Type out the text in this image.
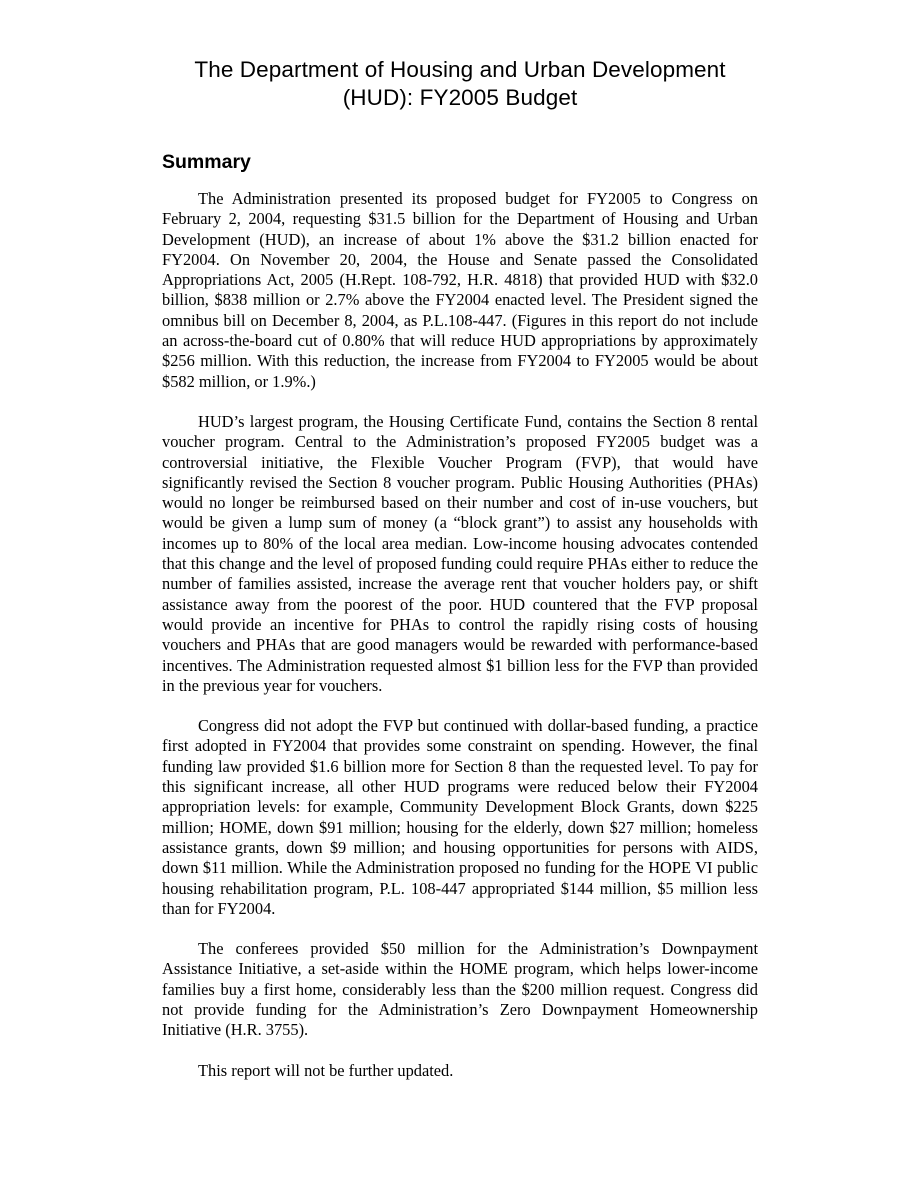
The Department of Housing and Urban Development
(HUD): FY2005 Budget
Summary

The Administration presented its proposed budget for FY2005 to Congress on February 2, 2004, requesting $31.5 billion for the Department of Housing and Urban Development (HUD), an increase of about 1% above the $31.2 billion enacted for FY2004. On November 20, 2004, the House and Senate passed the Consolidated Appropriations Act, 2005 (H.Rept. 108-792, H.R. 4818) that provided HUD with $32.0 billion, $838 million or 2.7% above the FY2004 enacted level. The President signed the omnibus bill on December 8, 2004, as P.L.108-447. (Figures in this report do not include an across-the-board cut of 0.80% that will reduce HUD appropriations by approximately $256 million. With this reduction, the increase from FY2004 to FY2005 would be about $582 million, or 1.9%.)

HUD’s largest program, the Housing Certificate Fund, contains the Section 8 rental voucher program. Central to the Administration’s proposed FY2005 budget was a controversial initiative, the Flexible Voucher Program (FVP), that would have significantly revised the Section 8 voucher program. Public Housing Authorities (PHAs) would no longer be reimbursed based on their number and cost of in-use vouchers, but would be given a lump sum of money (a “block grant”) to assist any households with incomes up to 80% of the local area median. Low-income housing advocates contended that this change and the level of proposed funding could require PHAs either to reduce the number of families assisted, increase the average rent that voucher holders pay, or shift assistance away from the poorest of the poor. HUD countered that the FVP proposal would provide an incentive for PHAs to control the rapidly rising costs of housing vouchers and PHAs that are good managers would be rewarded with performance-based incentives. The Administration requested almost $1 billion less for the FVP than provided in the previous year for vouchers.

Congress did not adopt the FVP but continued with dollar-based funding, a practice first adopted in FY2004 that provides some constraint on spending. However, the final funding law provided $1.6 billion more for Section 8 than the requested level. To pay for this significant increase, all other HUD programs were reduced below their FY2004 appropriation levels: for example, Community Development Block Grants, down $225 million; HOME, down $91 million; housing for the elderly, down $27 million; homeless assistance grants, down $9 million; and housing opportunities for persons with AIDS, down $11 million. While the Administration proposed no funding for the HOPE VI public housing rehabilitation program, P.L. 108-447 appropriated $144 million, $5 million less than for FY2004.

The conferees provided $50 million for the Administration’s Downpayment Assistance Initiative, a set-aside within the HOME program, which helps lower-income families buy a first home, considerably less than the $200 million request. Congress did not provide funding for the Administration’s Zero Downpayment Homeownership Initiative (H.R. 3755).

This report will not be further updated.
